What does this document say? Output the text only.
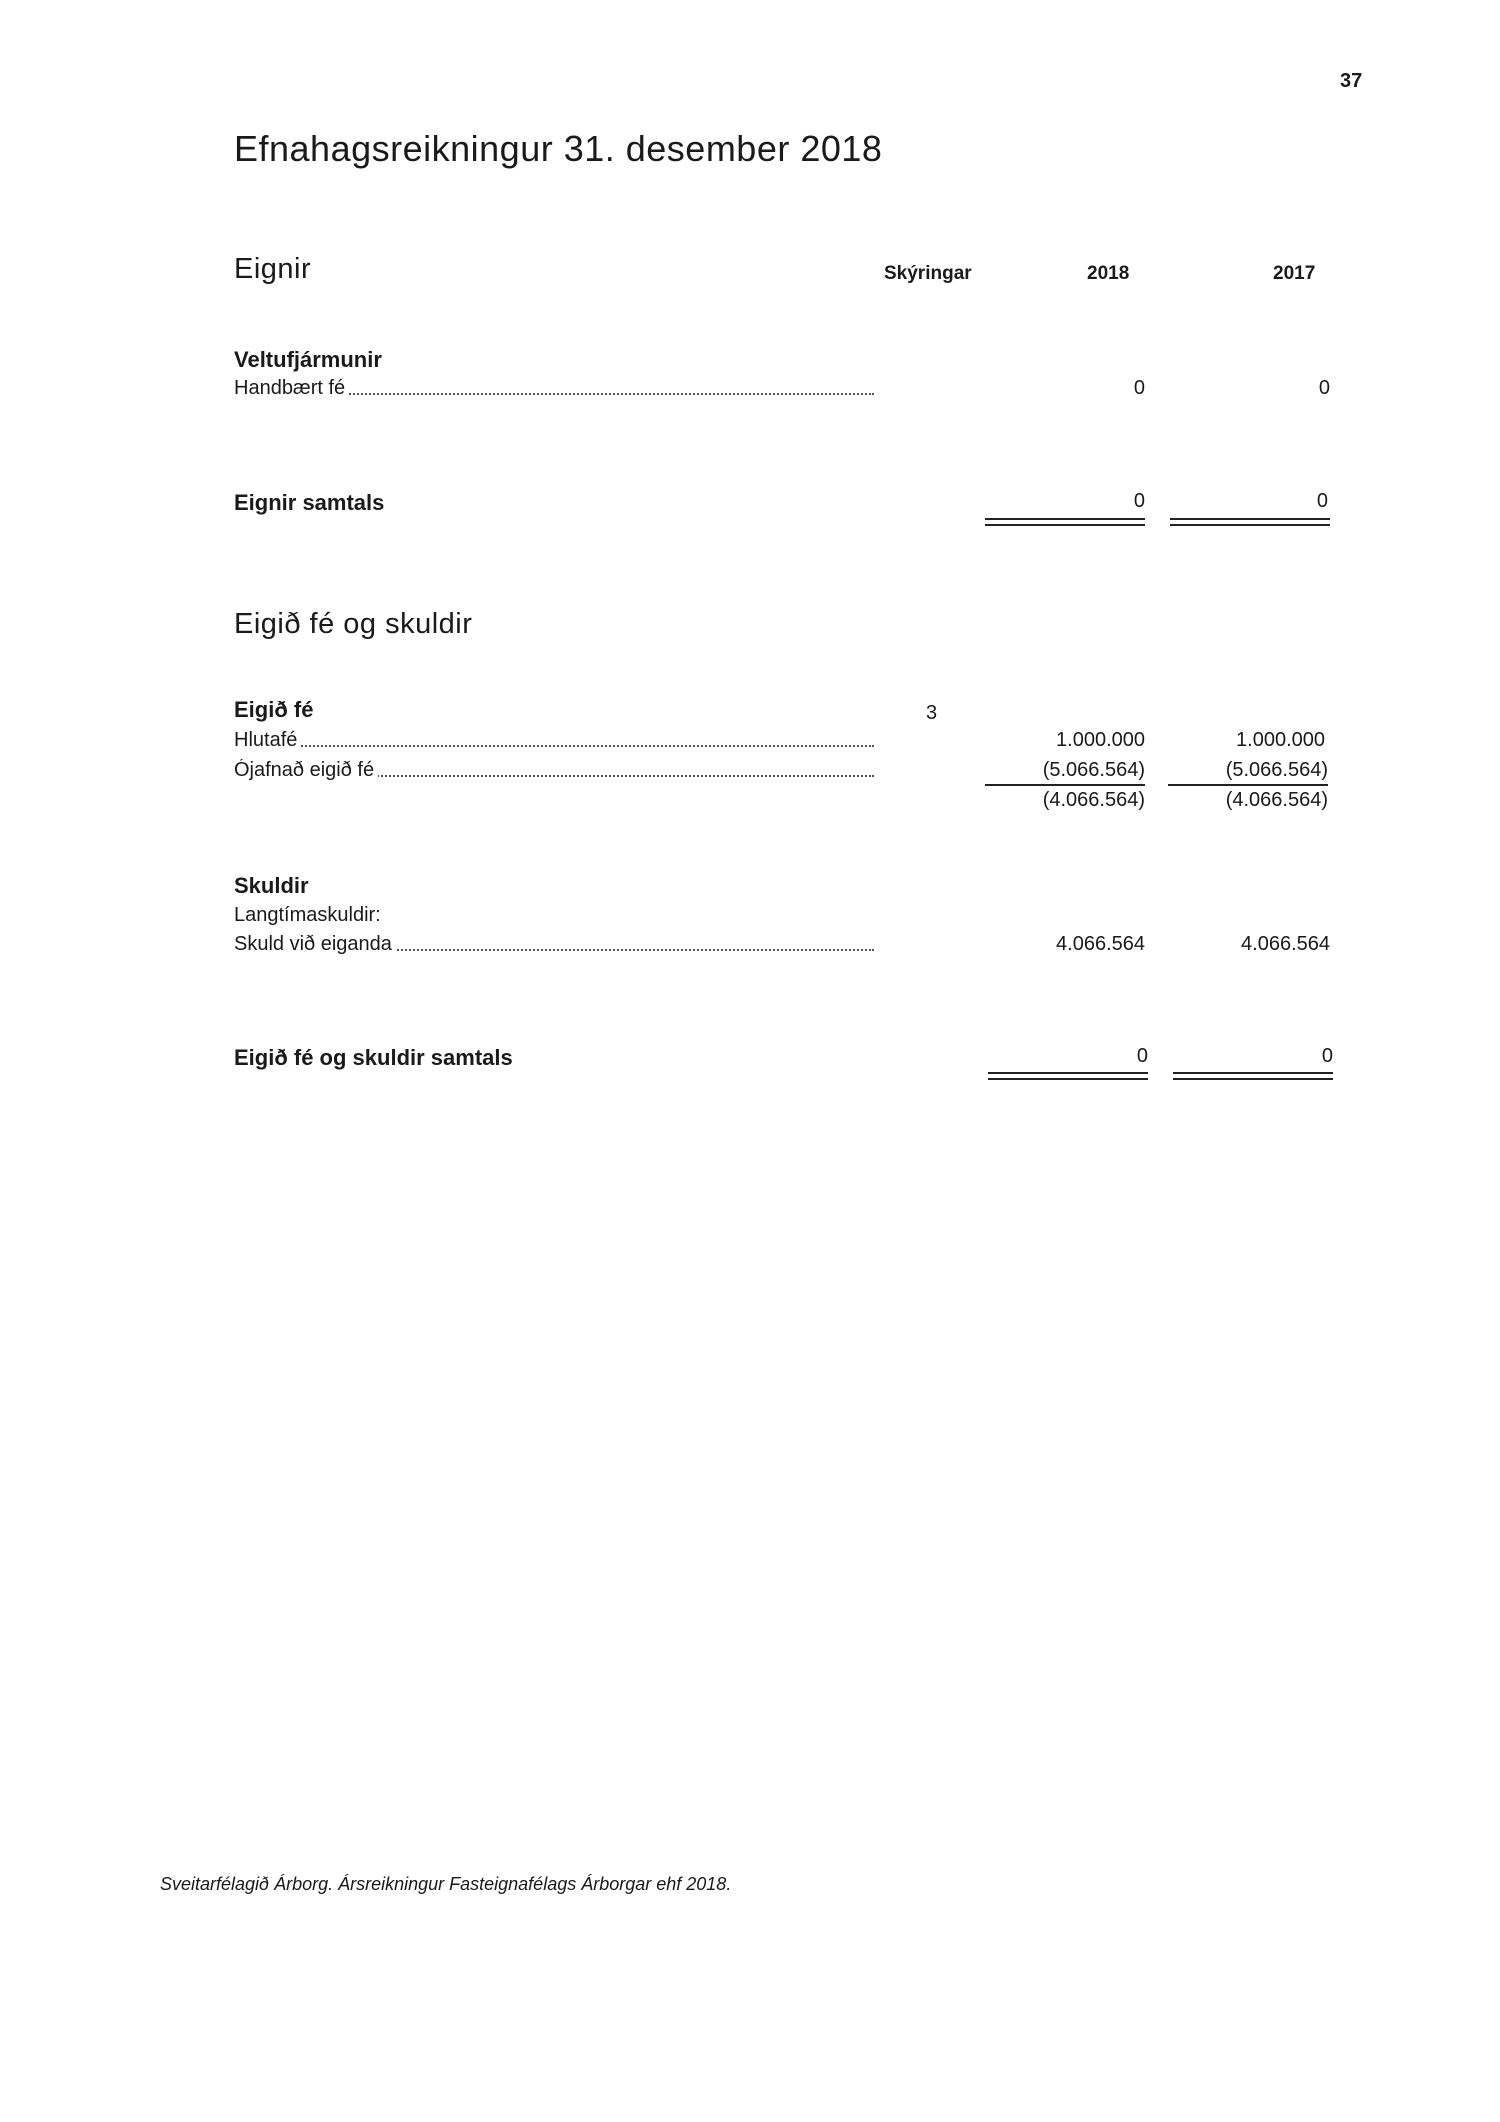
37
Efnahagsreikningur 31. desember 2018
Eignir	Skýringar	2018	2017
Veltufjármunir
Handbært fé	0	0
Eignir samtals	0	0
Eigið fé og skuldir
Eigið fé	3
Hlutafé	1.000.000	1.000.000
Ójafnað eigið fé	(5.066.564)	(5.066.564)
(4.066.564)	(4.066.564)
Skuldir
Langtímaskuldir:
Skuld við eiganda	4.066.564	4.066.564
Eigið fé og skuldir samtals	0	0
Sveitarfélagið Árborg. Ársreikningur Fasteignafélags Árborgar ehf 2018.
